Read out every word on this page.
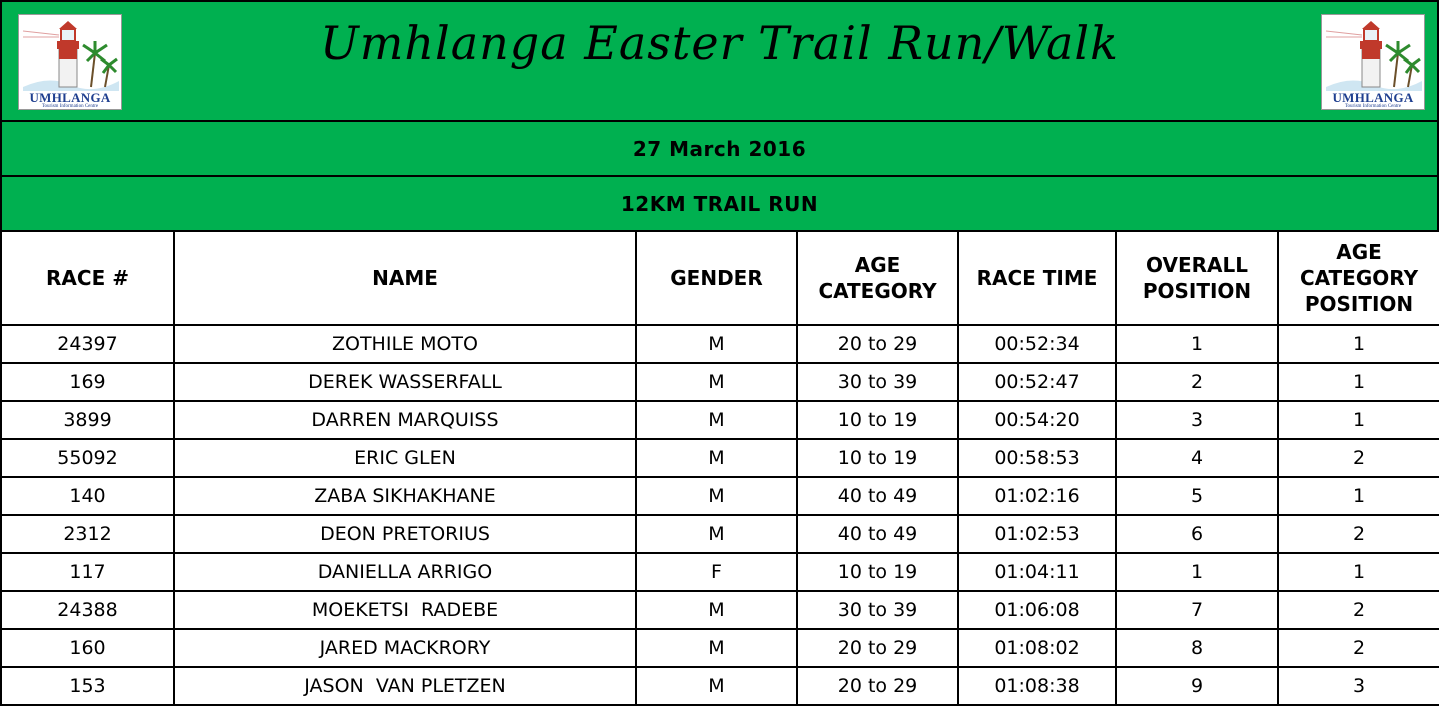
UMHLANGA
Tourism Information Centre
Umhlanga Easter Trail Run/Walk
UMHLANGA
Tourism Information Centre
27 March 2016
12KM TRAIL RUN
RACE #	NAME	GENDER	AGE CATEGORY	RACE TIME	OVERALL POSITION	AGE CATEGORY POSITION
24397	ZOTHILE MOTO	M	20 to 29	00:52:34	1	1
169	DEREK WASSERFALL	M	30 to 39	00:52:47	2	1
3899	DARREN MARQUISS	M	10 to 19	00:54:20	3	1
55092	ERIC GLEN	M	10 to 19	00:58:53	4	2
140	ZABA SIKHAKHANE	M	40 to 49	01:02:16	5	1
2312	DEON PRETORIUS	M	40 to 49	01:02:53	6	2
117	DANIELLA ARRIGO	F	10 to 19	01:04:11	1	1
24388	MOEKETSI  RADEBE	M	30 to 39	01:06:08	7	2
160	JARED MACKRORY	M	20 to 29	01:08:02	8	2
153	JASON  VAN PLETZEN	M	20 to 29	01:08:38	9	3
